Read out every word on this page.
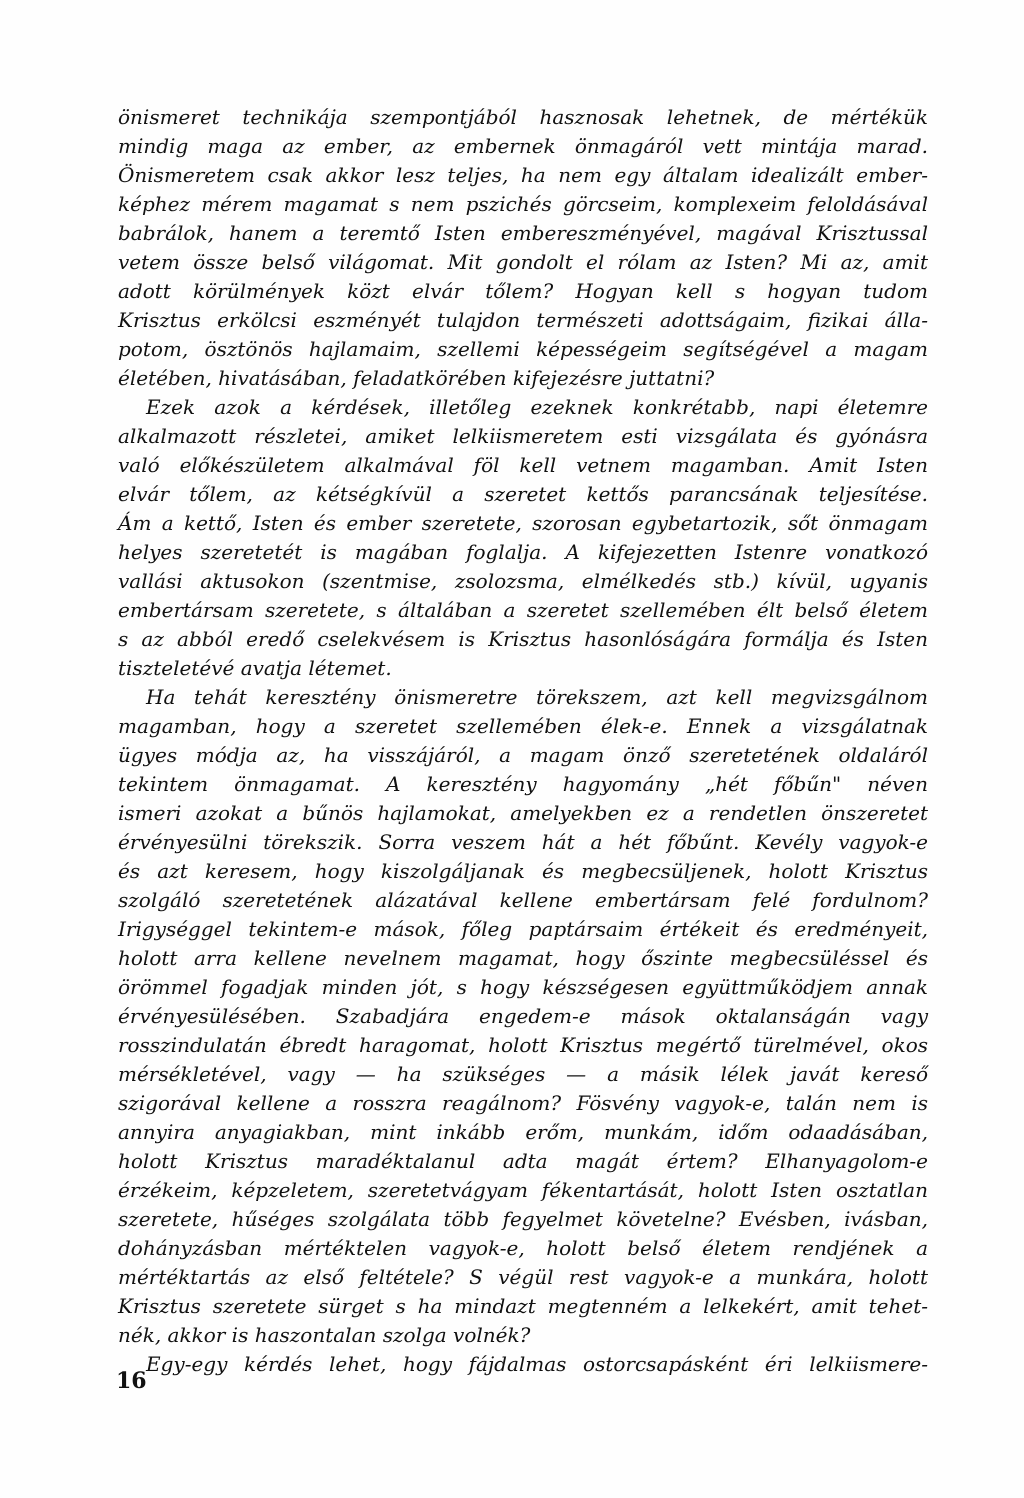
önismeret technikája szempontjából hasznosak lehetnek, de mértékük
mindig maga az ember, az embernek önmagáról vett mintája marad.
Önismeretem csak akkor lesz teljes, ha nem egy általam idealizált ember-
képhez mérem magamat s nem pszichés görcseim, komplexeim feloldásával
babrálok, hanem a teremtő Isten embereszményével, magával Krisztussal
vetem össze belső világomat. Mit gondolt el rólam az Isten? Mi az, amit
adott körülmények közt elvár tőlem? Hogyan kell s hogyan tudom
Krisztus erkölcsi eszményét tulajdon természeti adottságaim, fizikai álla-
potom, ösztönös hajlamaim, szellemi képességeim segítségével a magam
életében, hivatásában, feladatkörében kifejezésre juttatni?
Ezek azok a kérdések, illetőleg ezeknek konkrétabb, napi életemre
alkalmazott részletei, amiket lelkiismeretem esti vizsgálata és gyónásra
való előkészületem alkalmával föl kell vetnem magamban. Amit Isten
elvár tőlem, az kétségkívül a szeretet kettős parancsának teljesítése.
Ám a kettő, Isten és ember szeretete, szorosan egybetartozik, sőt önmagam
helyes szeretetét is magában foglalja. A kifejezetten Istenre vonatkozó
vallási aktusokon (szentmise, zsolozsma, elmélkedés stb.) kívül, ugyanis
embertársam szeretete, s általában a szeretet szellemében élt belső életem
s az abból eredő cselekvésem is Krisztus hasonlóságára formálja és Isten
tiszteletévé avatja létemet.
Ha tehát keresztény önismeretre törekszem, azt kell megvizsgálnom
magamban, hogy a szeretet szellemében élek-e. Ennek a vizsgálatnak
ügyes módja az, ha visszájáról, a magam önző szeretetének oldaláról
tekintem önmagamat. A keresztény hagyomány „hét főbűn" néven
ismeri azokat a bűnös hajlamokat, amelyekben ez a rendetlen önszeretet
érvényesülni törekszik. Sorra veszem hát a hét főbűnt. Kevély vagyok-e
és azt keresem, hogy kiszolgáljanak és megbecsüljenek, holott Krisztus
szolgáló szeretetének alázatával kellene embertársam felé fordulnom?
Irigységgel tekintem-e mások, főleg paptársaim értékeit és eredményeit,
holott arra kellene nevelnem magamat, hogy őszinte megbecsüléssel és
örömmel fogadjak minden jót, s hogy készségesen együttműködjem annak
érvényesülésében. Szabadjára engedem-e mások oktalanságán vagy
rosszindulatán ébredt haragomat, holott Krisztus megértő türelmével, okos
mérsékletével, vagy — ha szükséges — a másik lélek javát kereső
szigorával kellene a rosszra reagálnom? Fösvény vagyok-e, talán nem is
annyira anyagiakban, mint inkább erőm, munkám, időm odaadásában,
holott Krisztus maradéktalanul adta magát értem? Elhanyagolom-e
érzékeim, képzeletem, szeretetvágyam fékentartását, holott Isten osztatlan
szeretete, hűséges szolgálata több fegyelmet követelne? Evésben, ivásban,
dohányzásban mértéktelen vagyok-e, holott belső életem rendjének a
mértéktartás az első feltétele? S végül rest vagyok-e a munkára, holott
Krisztus szeretete sürget s ha mindazt megtenném a lelkekért, amit tehet-
nék, akkor is haszontalan szolga volnék?
Egy-egy kérdés lehet, hogy fájdalmas ostorcsapásként éri lelkiismere-
16
